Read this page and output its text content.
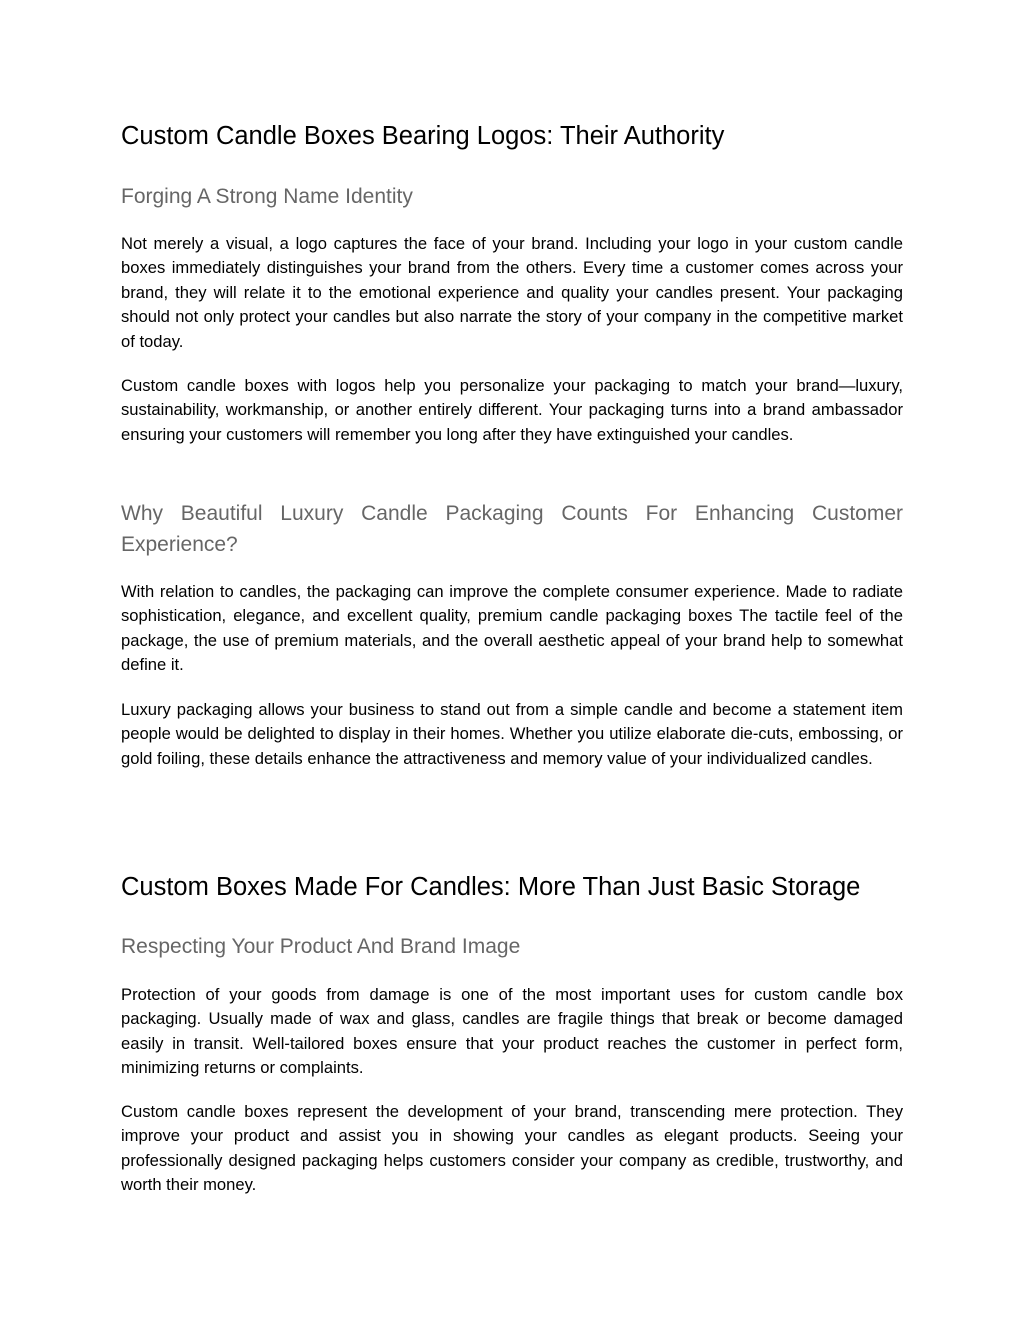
Custom Candle Boxes Bearing Logos: Their Authority
Forging A Strong Name Identity

Not merely a visual, a logo captures the face of your brand. Including your logo in your custom candle boxes immediately distinguishes your brand from the others. Every time a customer comes across your brand, they will relate it to the emotional experience and quality your candles present. Your packaging should not only protect your candles but also narrate the story of your company in the competitive market of today.

Custom candle boxes with logos help you personalize your packaging to match your brand—luxury, sustainability, workmanship, or another entirely different. Your packaging turns into a brand ambassador ensuring your customers will remember you long after they have extinguished your candles.

Why Beautiful Luxury Candle Packaging Counts For Enhancing Customer Experience?

With relation to candles, the packaging can improve the complete consumer experience. Made to radiate sophistication, elegance, and excellent quality, premium candle packaging boxes The tactile feel of the package, the use of premium materials, and the overall aesthetic appeal of your brand help to somewhat define it.

Luxury packaging allows your business to stand out from a simple candle and become a statement item people would be delighted to display in their homes. Whether you utilize elaborate die-cuts, embossing, or gold foiling, these details enhance the attractiveness and memory value of your individualized candles.

Custom Boxes Made For Candles: More Than Just Basic Storage
Respecting Your Product And Brand Image

Protection of your goods from damage is one of the most important uses for custom candle box packaging. Usually made of wax and glass, candles are fragile things that break or become damaged easily in transit. Well-tailored boxes ensure that your product reaches the customer in perfect form, minimizing returns or complaints.

Custom candle boxes represent the development of your brand, transcending mere protection. They improve your product and assist you in showing your candles as elegant products. Seeing your professionally designed packaging helps customers consider your company as credible, trustworthy, and worth their money.
